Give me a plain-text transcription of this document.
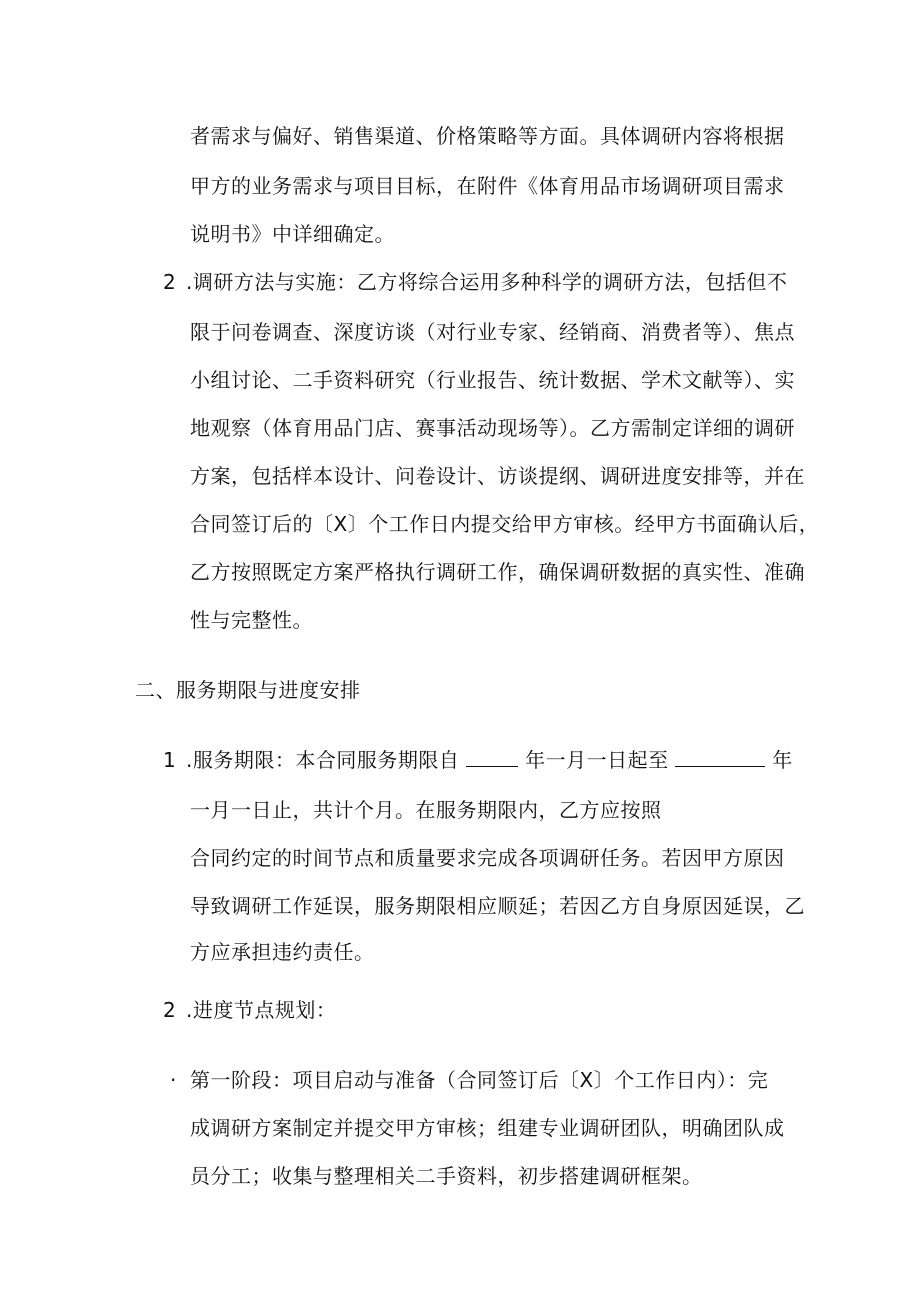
者需求与偏好、销售渠道、价格策略等方面。具体调研内容将根据
甲方的业务需求与项目目标，在附件《体育用品市场调研项目需求
说明书》中详细确定。
2 .调研方法与实施：乙方将综合运用多种科学的调研方法，包括但不
限于问卷调查、深度访谈（对行业专家、经销商、消费者等）、焦点
小组讨论、二手资料研究（行业报告、统计数据、学术文献等）、实
地观察（体育用品门店、赛事活动现场等）。乙方需制定详细的调研
方案，包括样本设计、问卷设计、访谈提纲、调研进度安排等，并在
合同签订后的〔X〕个工作日内提交给甲方审核。经甲方书面确认后，
乙方按照既定方案严格执行调研工作，确保调研数据的真实性、准确
性与完整性。
二、服务期限与进度安排
1 .服务期限：本合同服务期限自	年一月一日起至	年
一月一日止，共计个月。在服务期限内，乙方应按照
合同约定的时间节点和质量要求完成各项调研任务。若因甲方原因
导致调研工作延误，服务期限相应顺延；若因乙方自身原因延误，乙
方应承担违约责任。
2 .进度节点规划：
· 第一阶段：项目启动与准备（合同签订后〔X〕个工作日内）：完
成调研方案制定并提交甲方审核；组建专业调研团队，明确团队成
员分工；收集与整理相关二手资料，初步搭建调研框架。
